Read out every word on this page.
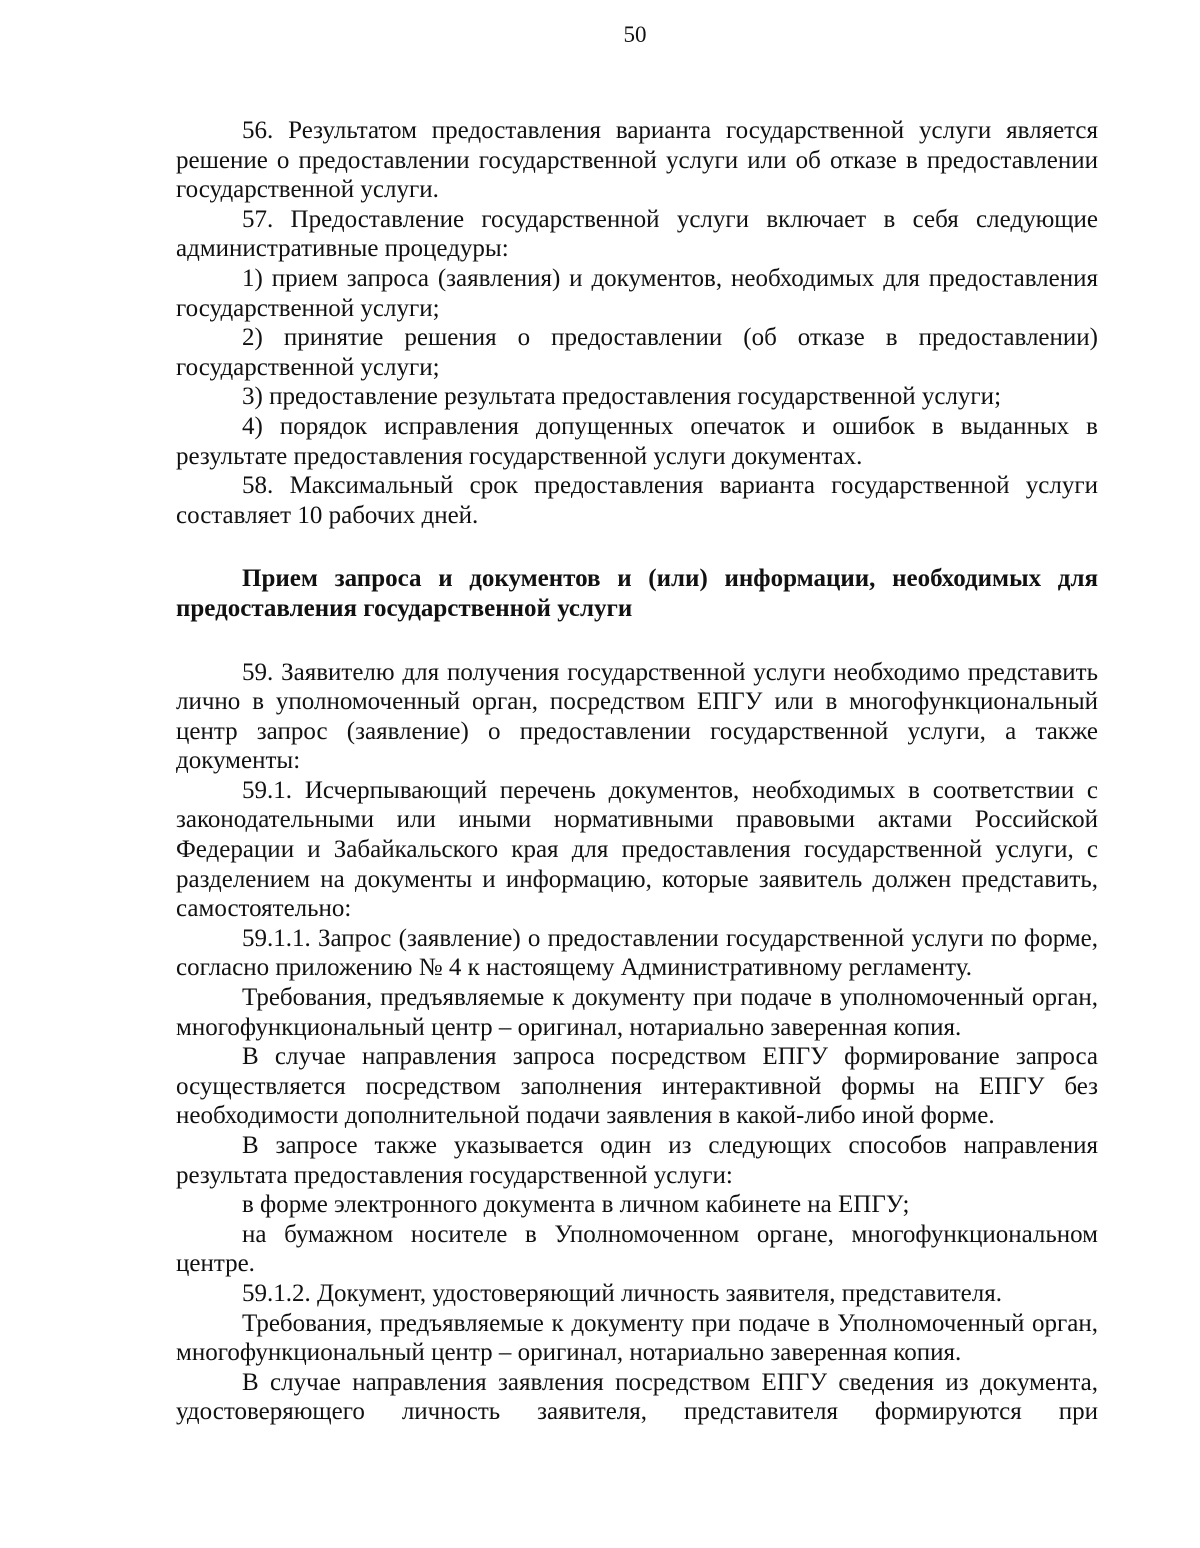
50

56. Результатом предоставления варианта государственной услуги является решение о предоставлении государственной услуги или об отказе в предоставлении государственной услуги.

57. Предоставление государственной услуги включает в себя следующие административные процедуры:

1) прием запроса (заявления) и документов, необходимых для предоставления государственной услуги;

2) принятие решения о предоставлении (об отказе в предоставлении) государственной услуги;

3) предоставление результата предоставления государственной услуги;

4) порядок исправления допущенных опечаток и ошибок в выданных в результате предоставления государственной услуги документах.

58. Максимальный срок предоставления варианта государственной услуги составляет 10 рабочих дней.

Прием запроса и документов и (или) информации, необходимых для предоставления государственной услуги

59. Заявителю для получения государственной услуги необходимо представить лично в уполномоченный орган, посредством ЕПГУ или в многофункциональный центр запрос (заявление) о предоставлении государственной услуги, а также документы:

59.1. Исчерпывающий перечень документов, необходимых в соответствии с законодательными или иными нормативными правовыми актами Российской Федерации и Забайкальского края для предоставления государственной услуги, с разделением на документы и информацию, которые заявитель должен представить, самостоятельно:

59.1.1. Запрос (заявление) о предоставлении государственной услуги по форме, согласно приложению № 4 к настоящему Административному регламенту.

Требования, предъявляемые к документу при подаче в уполномоченный орган, многофункциональный центр – оригинал, нотариально заверенная копия.

В случае направления запроса посредством ЕПГУ формирование запроса осуществляется посредством заполнения интерактивной формы на ЕПГУ без необходимости дополнительной подачи заявления в какой-либо иной форме.

В запросе также указывается один из следующих способов направления результата предоставления государственной услуги:

в форме электронного документа в личном кабинете на ЕПГУ;

на бумажном носителе в Уполномоченном органе, многофункциональном центре.

59.1.2. Документ, удостоверяющий личность заявителя, представителя.

Требования, предъявляемые к документу при подаче в Уполномоченный орган, многофункциональный центр – оригинал, нотариально заверенная копия.

В случае направления заявления посредством ЕПГУ сведения из документа, удостоверяющего личность заявителя, представителя формируются при
